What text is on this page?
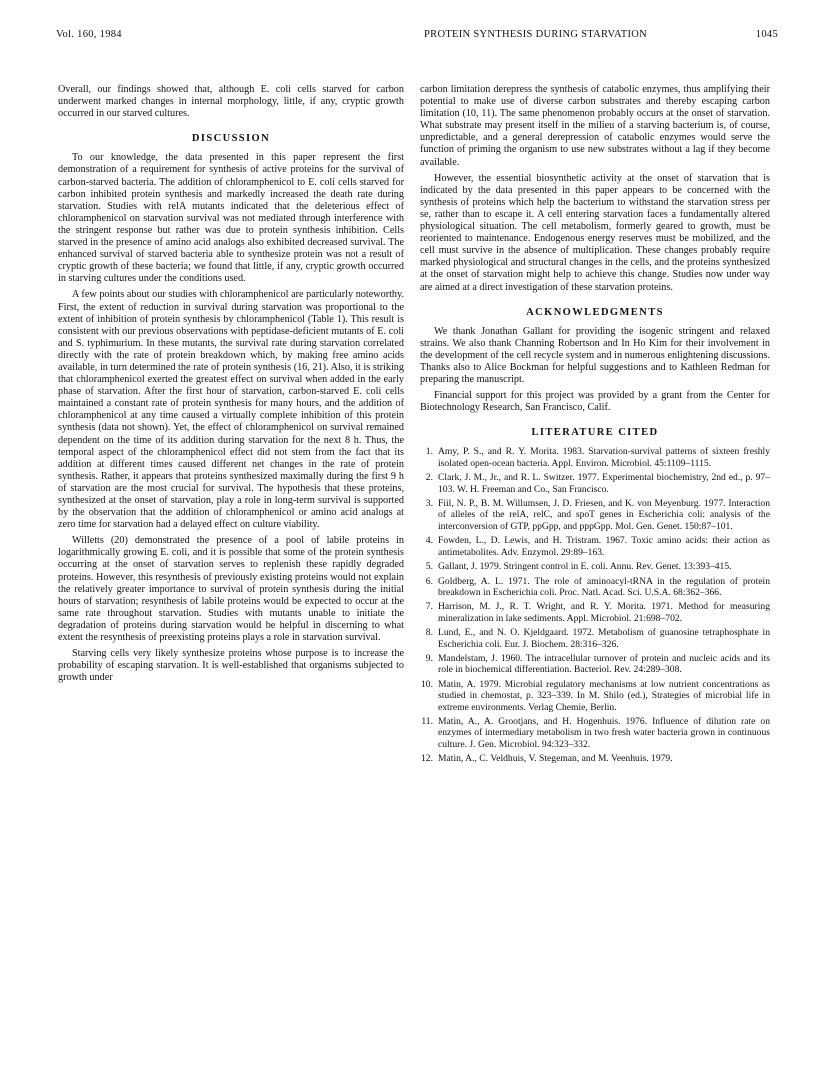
Vol. 160, 1984	PROTEIN SYNTHESIS DURING STARVATION	1045

Overall, our findings showed that, although E. coli cells starved for carbon underwent marked changes in internal morphology, little, if any, cryptic growth occurred in our starved cultures.

DISCUSSION

To our knowledge, the data presented in this paper represent the first demonstration of a requirement for synthesis of active proteins for the survival of carbon-starved bacteria. The addition of chloramphenicol to E. coli cells starved for carbon inhibited protein synthesis and markedly increased the death rate during starvation. Studies with relA mutants indicated that the deleterious effect of chloramphenicol on starvation survival was not mediated through interference with the stringent response but rather was due to protein synthesis inhibition. Cells starved in the presence of amino acid analogs also exhibited decreased survival. The enhanced survival of starved bacteria able to synthesize protein was not a result of cryptic growth of these bacteria; we found that little, if any, cryptic growth occurred in starving cultures under the conditions used.

A few points about our studies with chloramphenicol are particularly noteworthy. First, the extent of reduction in survival during starvation was proportional to the extent of inhibition of protein synthesis by chloramphenicol (Table 1). This result is consistent with our previous observations with peptidase-deficient mutants of E. coli and S. typhimurium. In these mutants, the survival rate during starvation correlated directly with the rate of protein breakdown which, by making free amino acids available, in turn determined the rate of protein synthesis (16, 21). Also, it is striking that chloramphenicol exerted the greatest effect on survival when added in the early phase of starvation. After the first hour of starvation, carbon-starved E. coli cells maintained a constant rate of protein synthesis for many hours, and the addition of chloramphenicol at any time caused a virtually complete inhibition of this protein synthesis (data not shown). Yet, the effect of chloramphenicol on survival remained dependent on the time of its addition during starvation for the next 8 h. Thus, the temporal aspect of the chloramphenicol effect did not stem from the fact that its addition at different times caused different net changes in the rate of protein synthesis. Rather, it appears that proteins synthesized maximally during the first 9 h of starvation are the most crucial for survival. The hypothesis that these proteins, synthesized at the onset of starvation, play a role in long-term survival is supported by the observation that the addition of chloramphenicol or amino acid analogs at zero time for starvation had a delayed effect on culture viability.

Willetts (20) demonstrated the presence of a pool of labile proteins in logarithmically growing E. coli, and it is possible that some of the protein synthesis occurring at the onset of starvation serves to replenish these rapidly degraded proteins. However, this resynthesis of previously existing proteins would not explain the relatively greater importance to survival of protein synthesis during the initial hours of starvation; resynthesis of labile proteins would be expected to occur at the same rate throughout starvation. Studies with mutants unable to initiate the degradation of proteins during starvation would be helpful in discerning to what extent the resynthesis of preexisting proteins plays a role in starvation survival.

Starving cells very likely synthesize proteins whose purpose is to increase the probability of escaping starvation. It is well-established that organisms subjected to growth under

carbon limitation derepress the synthesis of catabolic enzymes, thus amplifying their potential to make use of diverse carbon substrates and thereby escaping carbon limitation (10, 11). The same phenomenon probably occurs at the onset of starvation. What substrate may present itself in the milieu of a starving bacterium is, of course, unpredictable, and a general derepression of catabolic enzymes would serve the function of priming the organism to use new substrates without a lag if they become available.

However, the essential biosynthetic activity at the onset of starvation that is indicated by the data presented in this paper appears to be concerned with the synthesis of proteins which help the bacterium to withstand the starvation stress per se, rather than to escape it. A cell entering starvation faces a fundamentally altered physiological situation. The cell metabolism, formerly geared to growth, must be reoriented to maintenance. Endogenous energy reserves must be mobilized, and the cell must survive in the absence of multiplication. These changes probably require marked physiological and structural changes in the cells, and the proteins synthesized at the onset of starvation might help to achieve this change. Studies now under way are aimed at a direct investigation of these starvation proteins.

ACKNOWLEDGMENTS

We thank Jonathan Gallant for providing the isogenic stringent and relaxed strains. We also thank Channing Robertson and In Ho Kim for their involvement in the development of the cell recycle system and in numerous enlightening discussions. Thanks also to Alice Bockman for helpful suggestions and to Kathleen Redman for preparing the manuscript.

Financial support for this project was provided by a grant from the Center for Biotechnology Research, San Francisco, Calif.

LITERATURE CITED
1. Amy, P. S., and R. Y. Morita. 1983. Starvation-survival patterns of sixteen freshly isolated open-ocean bacteria. Appl. Environ. Microbiol. 45:1109–1115.
2. Clark, J. M., Jr., and R. L. Switzer. 1977. Experimental biochemistry, 2nd ed., p. 97–103. W. H. Freeman and Co., San Francisco.
3. Fiil, N. P., B. M. Willumsen, J. D. Friesen, and K. von Meyenburg. 1977. Interaction of alleles of the relA, relC, and spoT genes in Escherichia coli: analysis of the interconversion of GTP, ppGpp, and pppGpp. Mol. Gen. Genet. 150:87–101.
4. Fowden, L., D. Lewis, and H. Tristram. 1967. Toxic amino acids: their action as antimetabolites. Adv. Enzymol. 29:89–163.
5. Gallant, J. 1979. Stringent control in E. coli. Annu. Rev. Genet. 13:393–415.
6. Goldberg, A. L. 1971. The role of aminoacyl-tRNA in the regulation of protein breakdown in Escherichia coli. Proc. Natl. Acad. Sci. U.S.A. 68:362–366.
7. Harrison, M. J., R. T. Wright, and R. Y. Morita. 1971. Method for measuring mineralization in lake sediments. Appl. Microbiol. 21:698–702.
8. Lund, E., and N. O. Kjeldgaard. 1972. Metabolism of guanosine tetraphosphate in Escherichia coli. Eur. J. Biochem. 28:316–326.
9. Mandelstam, J. 1960. The intracellular turnover of protein and nucleic acids and its role in biochemical differentiation. Bacteriol. Rev. 24:289–308.
10. Matin, A. 1979. Microbial regulatory mechanisms at low nutrient concentrations as studied in chemostat, p. 323–339. In M. Shilo (ed.), Strategies of microbial life in extreme environments. Verlag Chemie, Berlin.
11. Matin, A., A. Grootjans, and H. Hogenhuis. 1976. Influence of dilution rate on enzymes of intermediary metabolism in two fresh water bacteria grown in continuous culture. J. Gen. Microbiol. 94:323–332.
12. Matin, A., C. Veldhuis, V. Stegeman, and M. Veenhuis. 1979.
